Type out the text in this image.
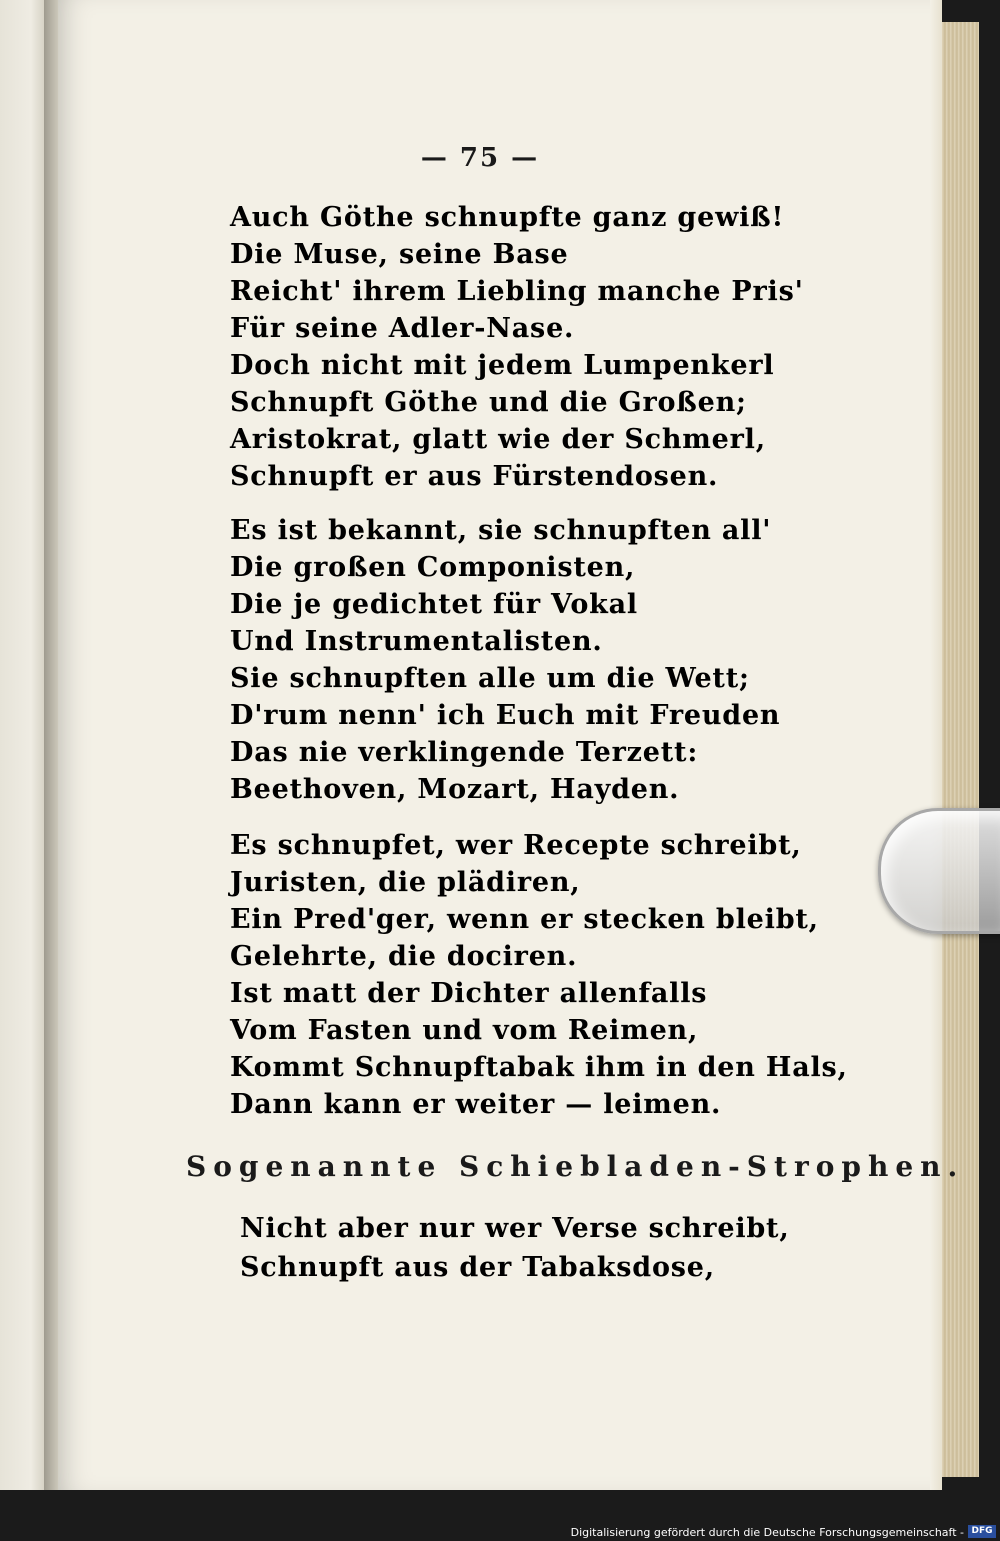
— 75 —
Auch Göthe schnupfte ganz gewiß!
Die Muse, seine Base
Reicht' ihrem Liebling manche Pris'
Für seine Adler-Nase.
Doch nicht mit jedem Lumpenkerl
Schnupft Göthe und die Großen;
Aristokrat, glatt wie der Schmerl,
Schnupft er aus Fürstendosen.
Es ist bekannt, sie schnupften all'
Die großen Componisten,
Die je gedichtet für Vokal
Und Instrumentalisten.
Sie schnupften alle um die Wett;
D'rum nenn' ich Euch mit Freuden
Das nie verklingende Terzett:
Beethoven, Mozart, Hayden.
Es schnupfet, wer Recepte schreibt,
Juristen, die plädiren,
Ein Pred'ger, wenn er stecken bleibt,
Gelehrte, die dociren.
Ist matt der Dichter allenfalls
Vom Fasten und vom Reimen,
Kommt Schnupftabak ihm in den Hals,
Dann kann er weiter — leimen.
Sogenannte Schiebladen-Strophen.
Nicht aber nur wer Verse schreibt,
Schnupft aus der Tabaksdose,
Digitalisierung gefördert durch die Deutsche Forschungsgemeinschaft - DFG
